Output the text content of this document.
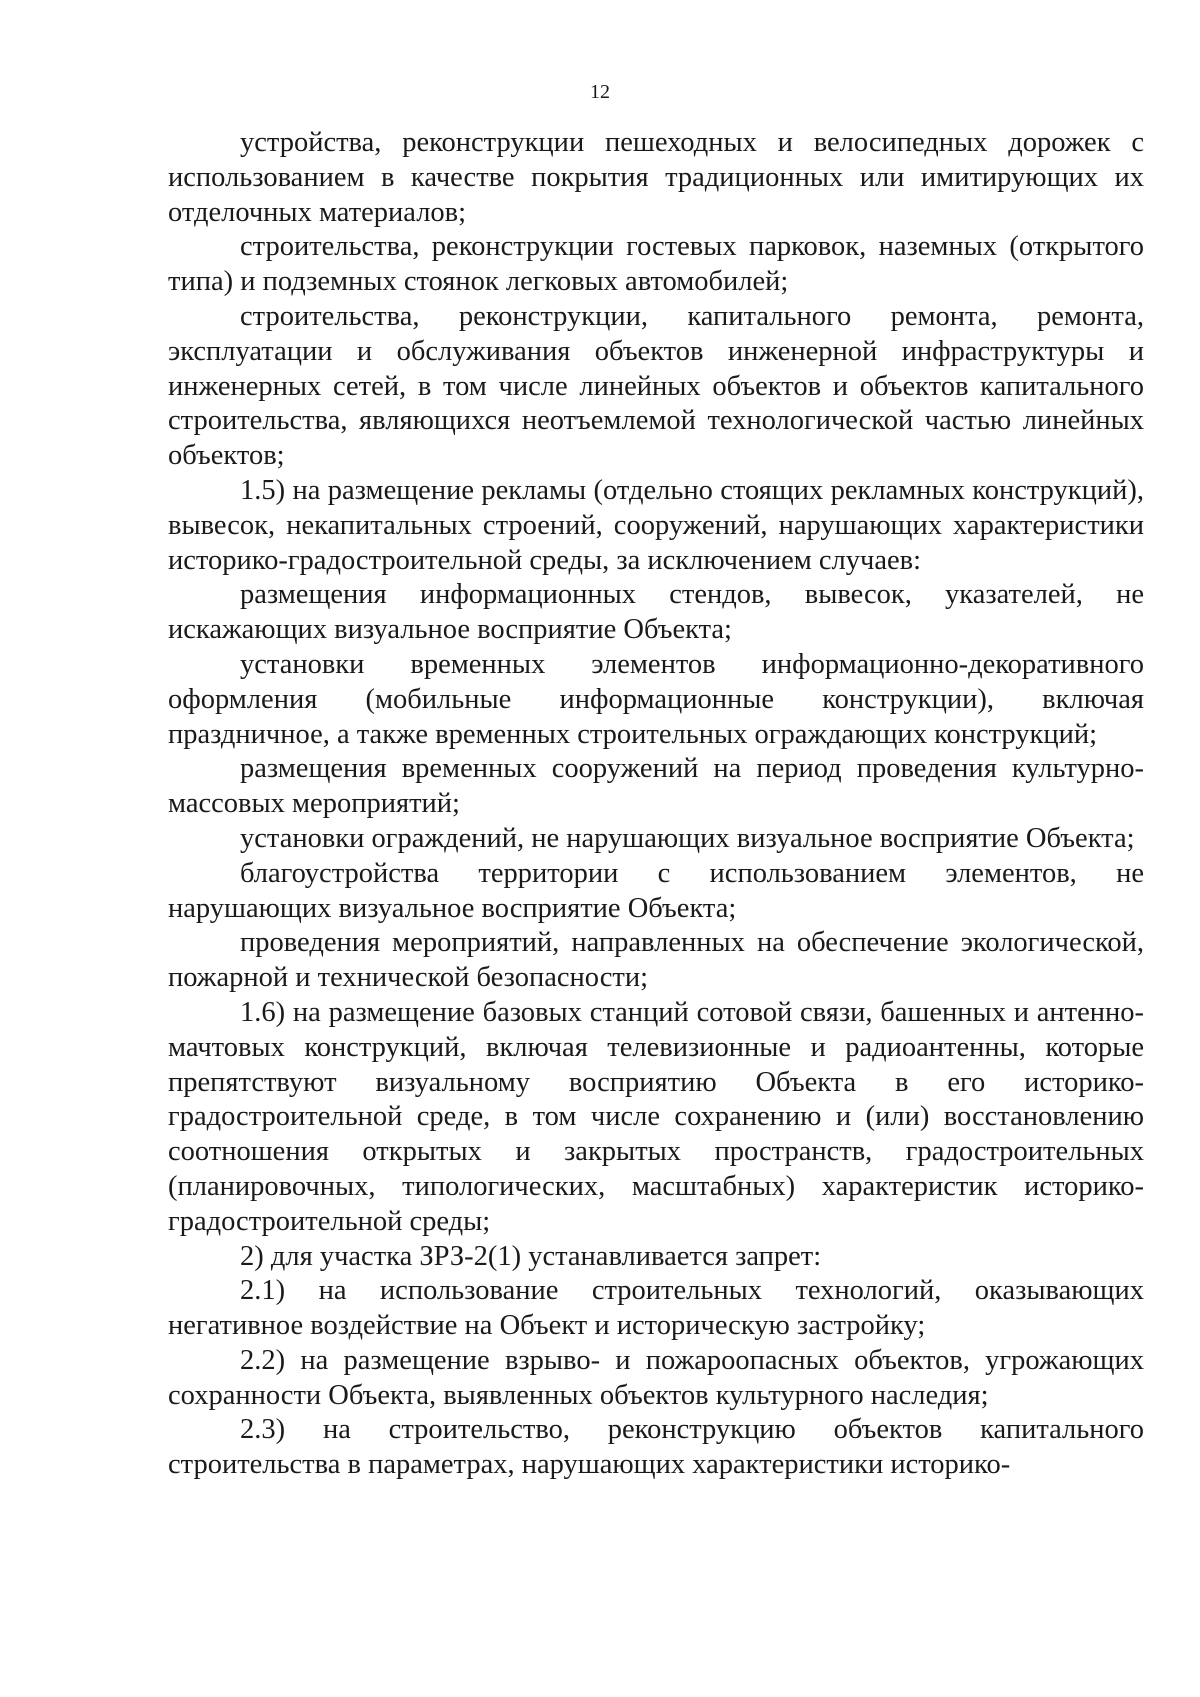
12

устройства, реконструкции пешеходных и велосипедных дорожек с использованием в качестве покрытия традиционных или имитирующих их отделочных материалов;

строительства, реконструкции гостевых парковок, наземных (открытого типа) и подземных стоянок легковых автомобилей;

строительства, реконструкции, капитального ремонта, ремонта, эксплуатации и обслуживания объектов инженерной инфраструктуры и инженерных сетей, в том числе линейных объектов и объектов капитального строительства, являющихся неотъемлемой технологической частью линейных объектов;

1.5) на размещение рекламы (отдельно стоящих рекламных конструкций), вывесок, некапитальных строений, сооружений, нарушающих характеристики историко-градостроительной среды, за исключением случаев:

размещения информационных стендов, вывесок, указателей, не искажающих визуальное восприятие Объекта;

установки временных элементов информационно-декоративного оформления (мобильные информационные конструкции), включая праздничное, а также временных строительных ограждающих конструкций;

размещения временных сооружений на период проведения культурно-массовых мероприятий;

установки ограждений, не нарушающих визуальное восприятие Объекта;

благоустройства территории с использованием элементов, не нарушающих визуальное восприятие Объекта;

проведения мероприятий, направленных на обеспечение экологической, пожарной и технической безопасности;

1.6) на размещение базовых станций сотовой связи, башенных и антенно-мачтовых конструкций, включая телевизионные и радиоантенны, которые препятствуют визуальному восприятию Объекта в его историко-градостроительной среде, в том числе сохранению и (или) восстановлению соотношения открытых и закрытых пространств, градостроительных (планировочных, типологических, масштабных) характеристик историко-градостроительной среды;

2) для участка ЗРЗ-2(1) устанавливается запрет:

2.1) на использование строительных технологий, оказывающих негативное воздействие на Объект и историческую застройку;

2.2) на размещение взрыво- и пожароопасных объектов, угрожающих сохранности Объекта, выявленных объектов культурного наследия;

2.3) на строительство, реконструкцию объектов капитального строительства в параметрах, нарушающих характеристики историко-
